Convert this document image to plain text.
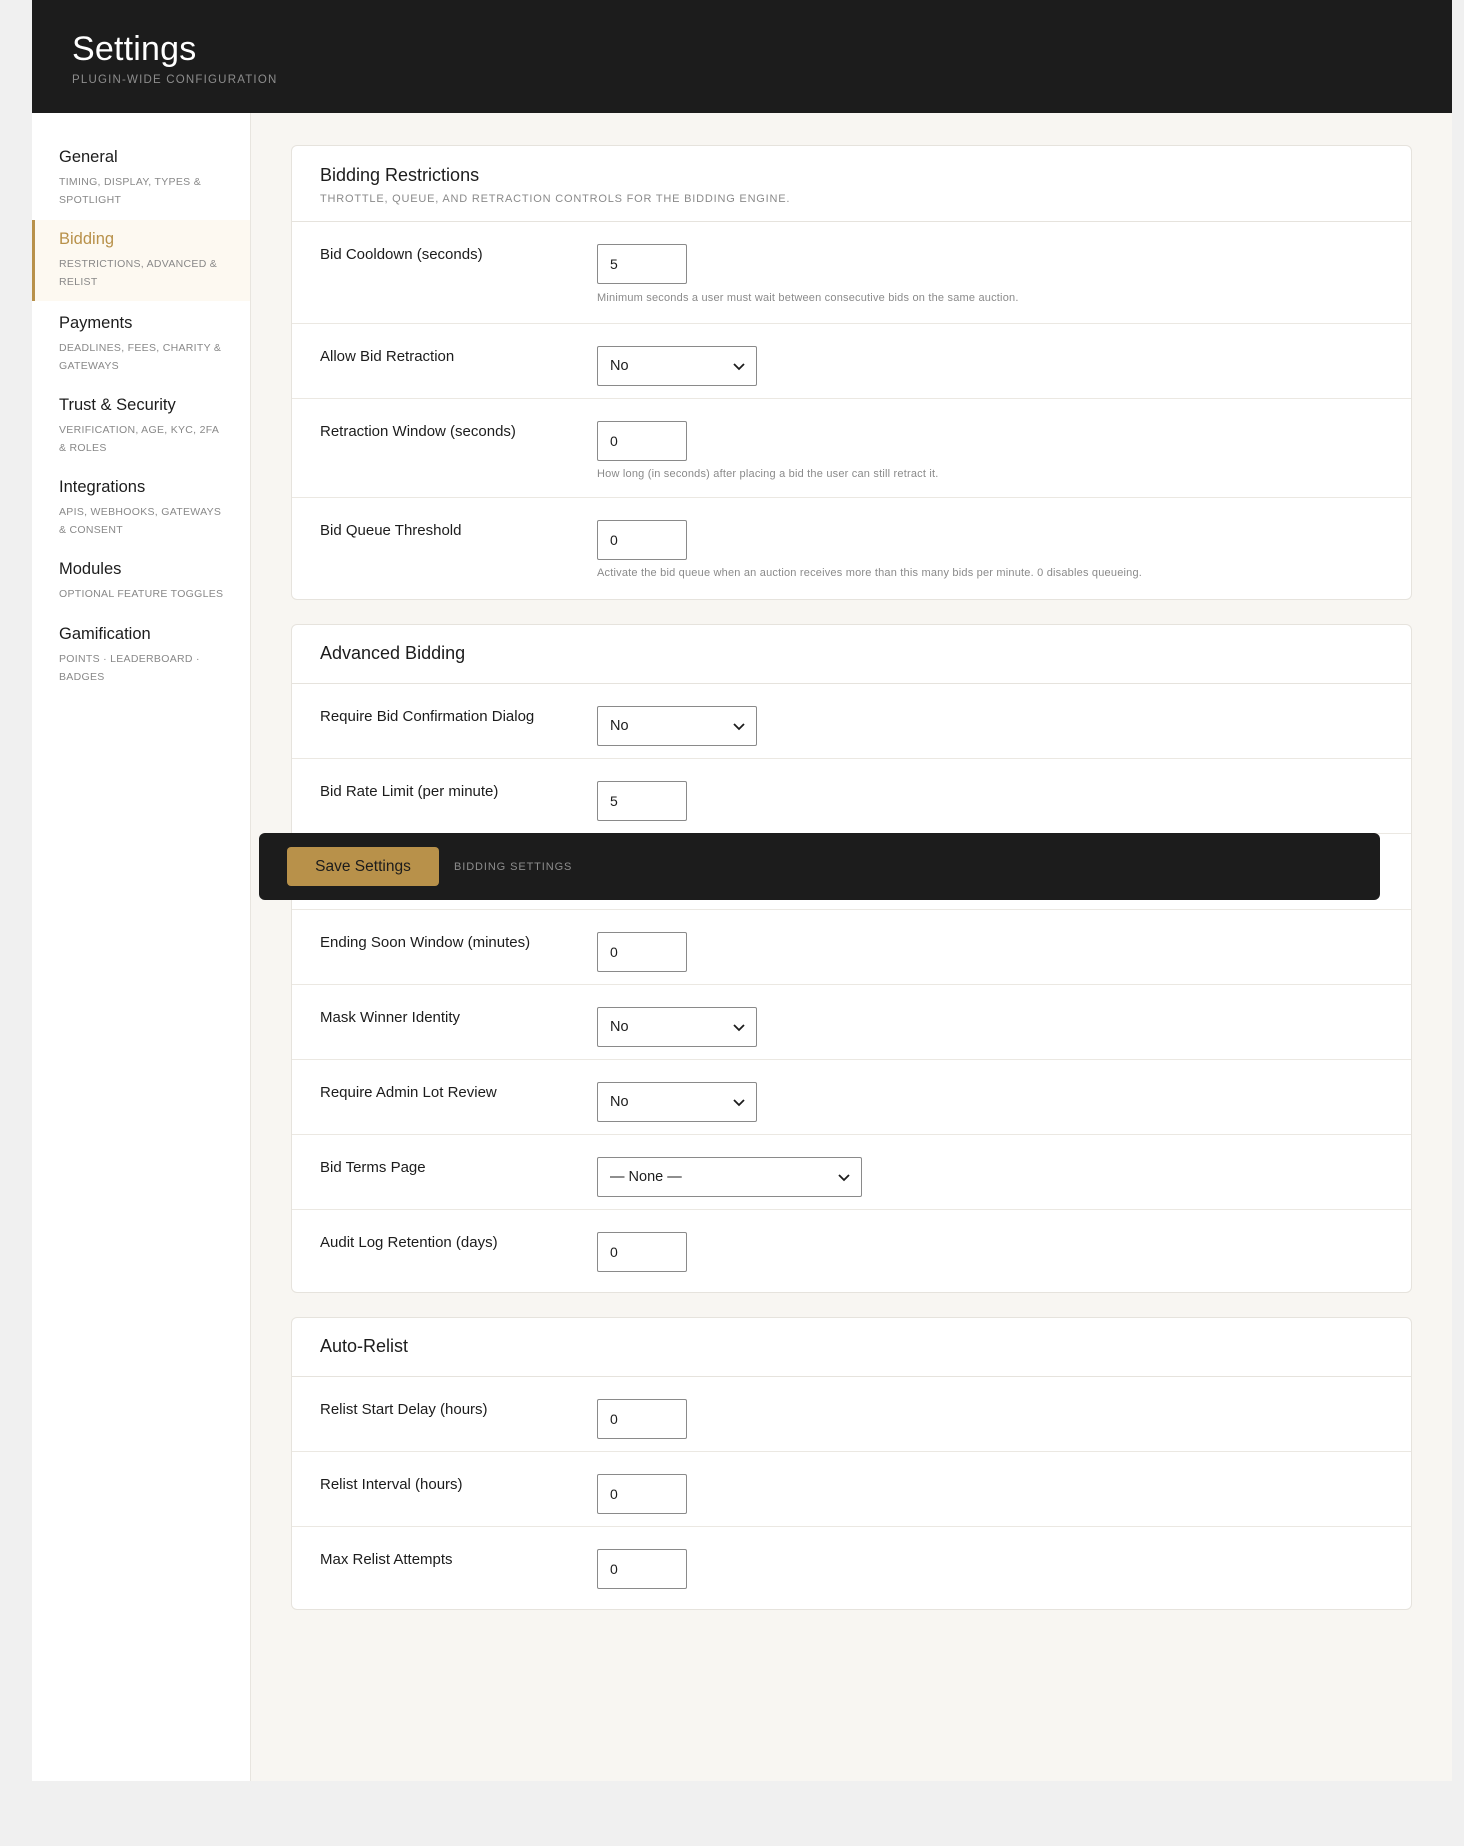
Settings
PLUGIN-WIDE CONFIGURATION
General
TIMING, DISPLAY, TYPES & SPOTLIGHT
Bidding
RESTRICTIONS, ADVANCED & RELIST
Payments
DEADLINES, FEES, CHARITY & GATEWAYS
Trust & Security
VERIFICATION, AGE, KYC, 2FA & ROLES
Integrations
APIS, WEBHOOKS, GATEWAYS & CONSENT
Modules
OPTIONAL FEATURE TOGGLES
Gamification
POINTS · LEADERBOARD · BADGES
Bidding Restrictions
THROTTLE, QUEUE, AND RETRACTION CONTROLS FOR THE BIDDING ENGINE.
Bid Cooldown (seconds)
5
Minimum seconds a user must wait between consecutive bids on the same auction.
Allow Bid Retraction
No
Retraction Window (seconds)
0
How long (in seconds) after placing a bid the user can still retract it.
Bid Queue Threshold
0
Activate the bid queue when an auction receives more than this many bids per minute. 0 disables queueing.
Advanced Bidding
Require Bid Confirmation Dialog
No
Bid Rate Limit (per minute)
5
Ending Soon Window (minutes)
0
Mask Winner Identity
No
Require Admin Lot Review
No
Bid Terms Page
— None —
Audit Log Retention (days)
0
Auto-Relist
Relist Start Delay (hours)
0
Relist Interval (hours)
0
Max Relist Attempts
0
Save Settings	BIDDING SETTINGS
